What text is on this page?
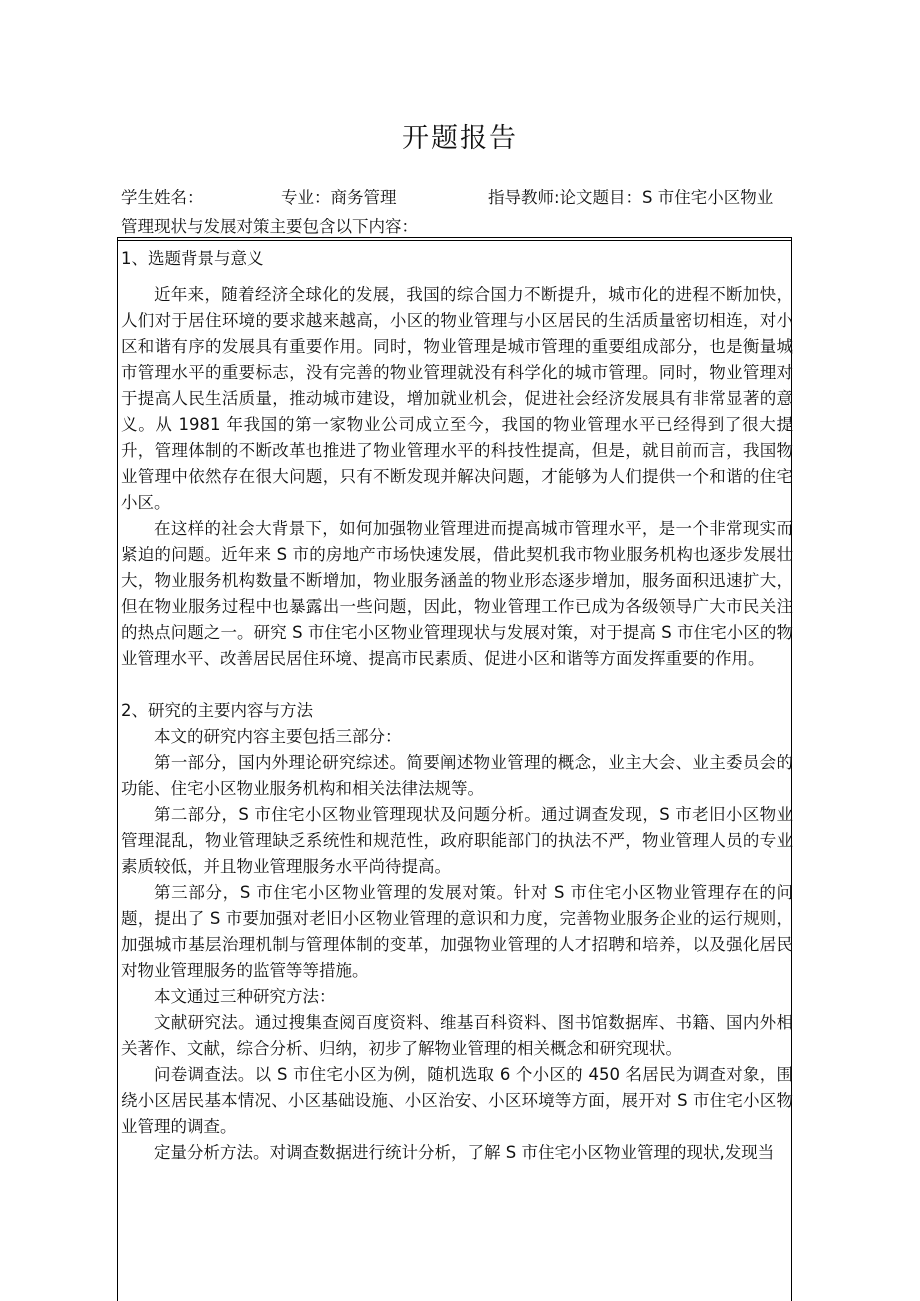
开题报告
学生姓名：	专业：商务管理	指导教师:论文题目：S 市住宅小区物业
管理现状与发展对策主要包含以下内容：
1、选题背景与意义

近年来，随着经济全球化的发展，我国的综合国力不断提升，城市化的进程不断加快，人们对于居住环境的要求越来越高，小区的物业管理与小区居民的生活质量密切相连，对小区和谐有序的发展具有重要作用。同时，物业管理是城市管理的重要组成部分，也是衡量城市管理水平的重要标志，没有完善的物业管理就没有科学化的城市管理。同时，物业管理对于提高人民生活质量，推动城市建设，增加就业机会，促进社会经济发展具有非常显著的意义。从 1981 年我国的第一家物业公司成立至今，我国的物业管理水平已经得到了很大提升，管理体制的不断改革也推进了物业管理水平的科技性提高，但是，就目前而言，我国物业管理中依然存在很大问题，只有不断发现并解决问题，才能够为人们提供一个和谐的住宅小区。

在这样的社会大背景下，如何加强物业管理进而提高城市管理水平，是一个非常现实而紧迫的问题。近年来 S 市的房地产市场快速发展，借此契机我市物业服务机构也逐步发展壮大，物业服务机构数量不断增加，物业服务涵盖的物业形态逐步增加，服务面积迅速扩大，但在物业服务过程中也暴露出一些问题，因此，物业管理工作已成为各级领导广大市民关注的热点问题之一。研究 S 市住宅小区物业管理现状与发展对策，对于提高 S 市住宅小区的物业管理水平、改善居民居住环境、提高市民素质、促进小区和谐等方面发挥重要的作用。

2、研究的主要内容与方法

本文的研究内容主要包括三部分：

第一部分，国内外理论研究综述。简要阐述物业管理的概念，业主大会、业主委员会的功能、住宅小区物业服务机构和相关法律法规等。

第二部分，S 市住宅小区物业管理现状及问题分析。通过调查发现，S 市老旧小区物业管理混乱，物业管理缺乏系统性和规范性，政府职能部门的执法不严，物业管理人员的专业素质较低，并且物业管理服务水平尚待提高。

第三部分，S 市住宅小区物业管理的发展对策。针对 S 市住宅小区物业管理存在的问题，提出了 S 市要加强对老旧小区物业管理的意识和力度，完善物业服务企业的运行规则，加强城市基层治理机制与管理体制的变革，加强物业管理的人才招聘和培养，以及强化居民对物业管理服务的监管等等措施。

本文通过三种研究方法：

文献研究法。通过搜集查阅百度资料、维基百科资料、图书馆数据库、书籍、国内外相关著作、文献，综合分析、归纳，初步了解物业管理的相关概念和研究现状。

问卷调查法。以 S 市住宅小区为例，随机选取 6 个小区的 450 名居民为调查对象，围绕小区居民基本情况、小区基础设施、小区治安、小区环境等方面，展开对 S 市住宅小区物业管理的调查。

定量分析方法。对调查数据进行统计分析，了解 S 市住宅小区物业管理的现状,发现当
